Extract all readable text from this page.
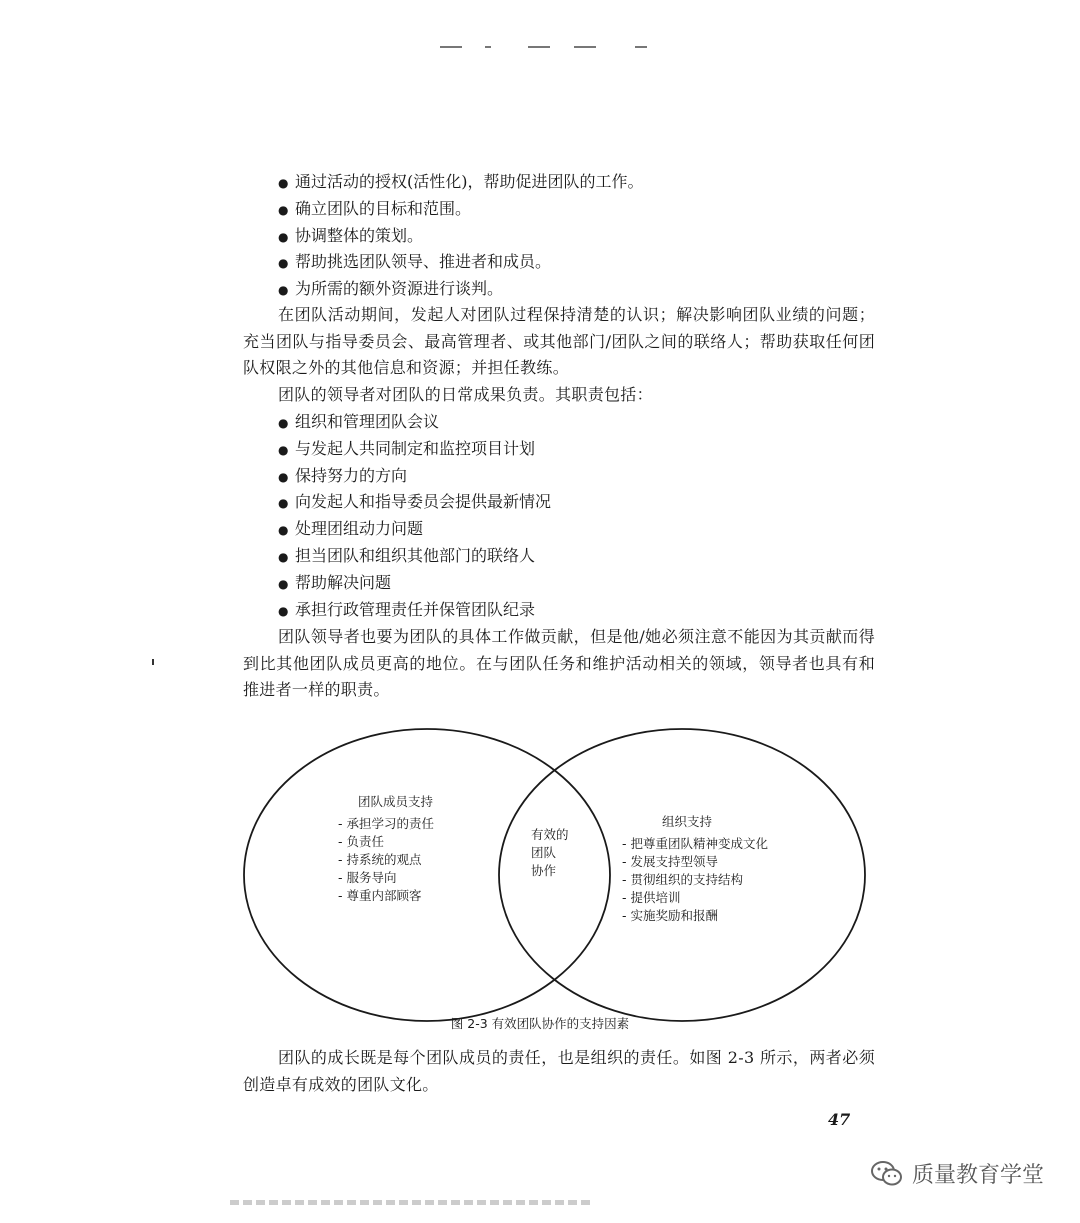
● 通过活动的授权(活性化)，帮助促进团队的工作。
● 确立团队的目标和范围。
● 协调整体的策划。
● 帮助挑选团队领导、推进者和成员。
● 为所需的额外资源进行谈判。

在团队活动期间，发起人对团队过程保持清楚的认识；解决影响团队业绩的问题；充当团队与指导委员会、最高管理者、或其他部门/团队之间的联络人；帮助获取任何团队权限之外的其他信息和资源；并担任教练。

团队的领导者对团队的日常成果负责。其职责包括：

● 组织和管理团队会议
● 与发起人共同制定和监控项目计划
● 保持努力的方向
● 向发起人和指导委员会提供最新情况
● 处理团组动力问题
● 担当团队和组织其他部门的联络人
● 帮助解决问题
● 承担行政管理责任并保管团队纪录

团队领导者也要为团队的具体工作做贡献，但是他/她必须注意不能因为其贡献而得到比其他团队成员更高的地位。在与团队任务和维护活动相关的领域，领导者也具有和推进者一样的职责。

团队成员支持
- 承担学习的责任
- 负责任
- 持系统的观点
- 服务导向
- 尊重内部顾客
有效的
团队
协作
组织支持
- 把尊重团队精神变成文化
- 发展支持型领导
- 贯彻组织的支持结构
- 提供培训
- 实施奖励和报酬
图 2-3 有效团队协作的支持因素

团队的成长既是每个团队成员的责任，也是组织的责任。如图 2-3 所示，两者必须创造卓有成效的团队文化。

47
质量教育学堂
